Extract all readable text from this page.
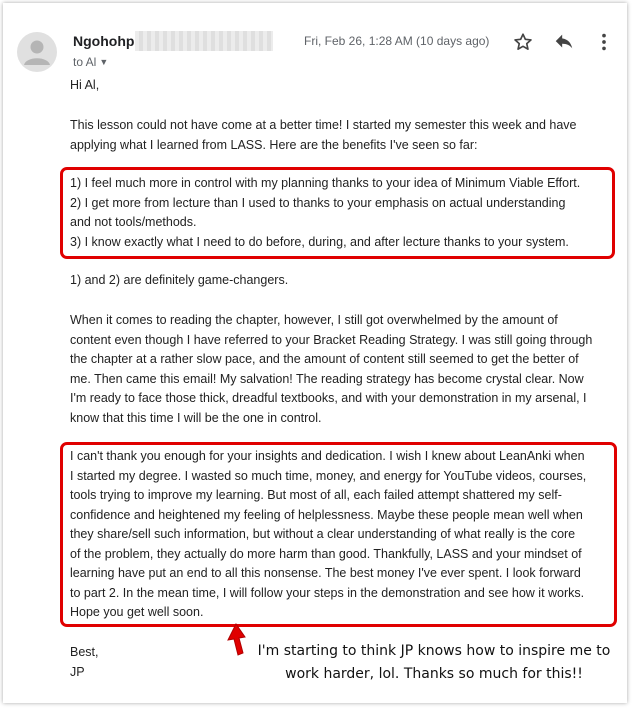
Ngohohp
to Al ▼
Fri, Feb 26, 1:28 AM (10 days ago)
Hi Al,
This lesson could not have come at a better time! I started my semester this week and have
applying what I learned from LASS. Here are the benefits I've seen so far:
1) I feel much more in control with my planning thanks to your idea of Minimum Viable Effort.
2) I get more from lecture than I used to thanks to your emphasis on actual understanding
and not tools/methods.
3) I know exactly what I need to do before, during, and after lecture thanks to your system.
1) and 2) are definitely game-changers.
When it comes to reading the chapter, however, I still got overwhelmed by the amount of
content even though I have referred to your Bracket Reading Strategy. I was still going through
the chapter at a rather slow pace, and the amount of content still seemed to get the better of
me. Then came this email! My salvation! The reading strategy has become crystal clear. Now
I'm ready to face those thick, dreadful textbooks, and with your demonstration in my arsenal, I
know that this time I will be the one in control.
I can't thank you enough for your insights and dedication. I wish I knew about LeanAnki when
I started my degree. I wasted so much time, money, and energy for YouTube videos, courses,
tools trying to improve my learning. But most of all, each failed attempt shattered my self-
confidence and heightened my feeling of helplessness. Maybe these people mean well when
they share/sell such information, but without a clear understanding of what really is the core
of the problem, they actually do more harm than good. Thankfully, LASS and your mindset of
learning have put an end to all this nonsense. The best money I've ever spent. I look forward
to part 2. In the mean time, I will follow your steps in the demonstration and see how it works.
Hope you get well soon.
Best,
JP
I'm starting to think JP knows how to inspire me to
work harder, lol. Thanks so much for this!!
